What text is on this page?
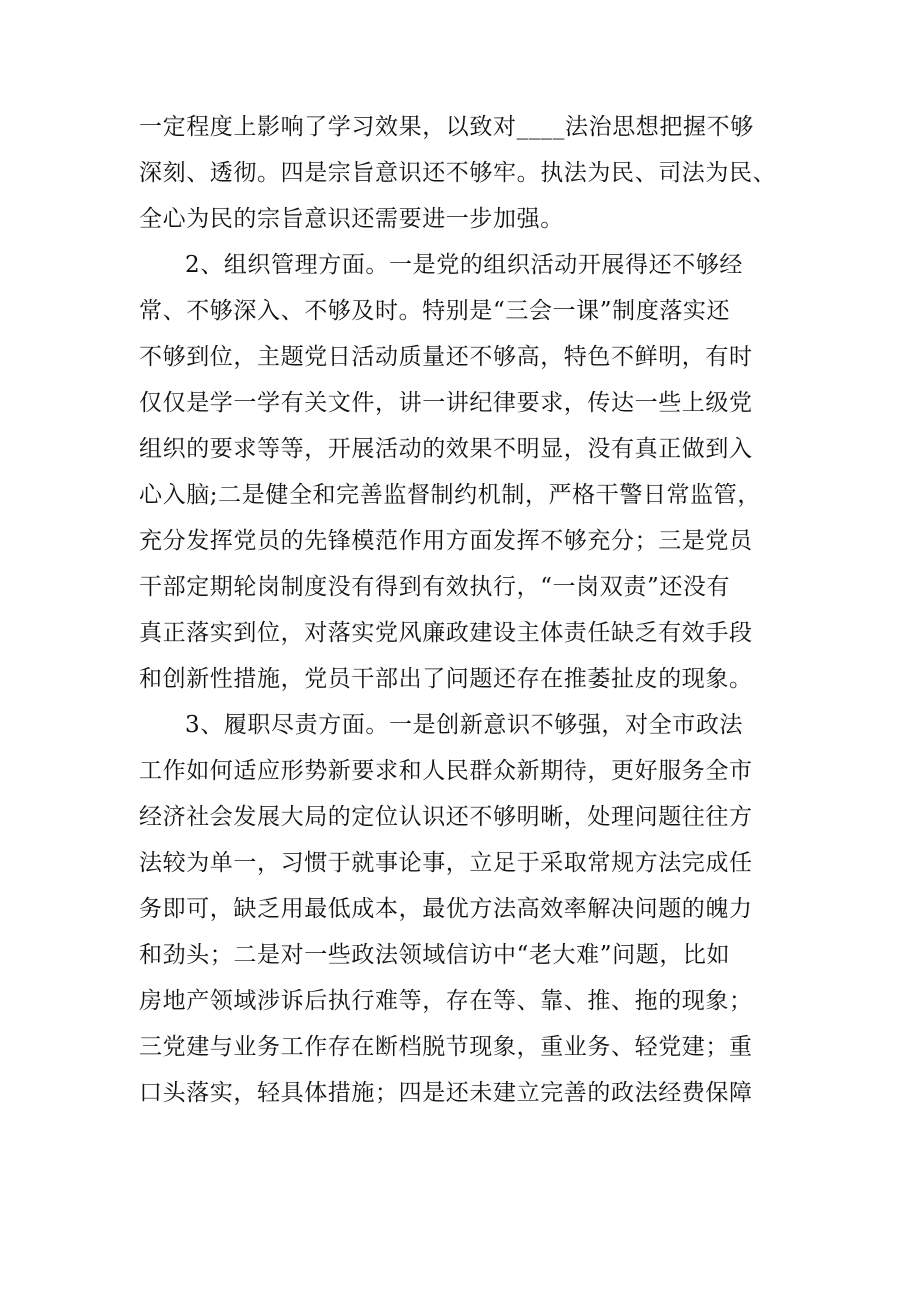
一定程度上影响了学习效果，以致对____法治思想把握不够
深刻、透彻。四是宗旨意识还不够牢。执法为民、司法为民、
全心为民的宗旨意识还需要进一步加强。
2、组织管理方面。一是党的组织活动开展得还不够经
常、不够深入、不够及时。特别是“三会一课”制度落实还
不够到位，主题党日活动质量还不够高，特色不鲜明，有时
仅仅是学一学有关文件，讲一讲纪律要求，传达一些上级党
组织的要求等等，开展活动的效果不明显，没有真正做到入
心入脑;二是健全和完善监督制约机制，严格干警日常监管，
充分发挥党员的先锋模范作用方面发挥不够充分；三是党员
干部定期轮岗制度没有得到有效执行，“一岗双责”还没有
真正落实到位，对落实党风廉政建设主体责任缺乏有效手段
和创新性措施，党员干部出了问题还存在推萎扯皮的现象。
3、履职尽责方面。一是创新意识不够强，对全市政法
工作如何适应形势新要求和人民群众新期待，更好服务全市
经济社会发展大局的定位认识还不够明晰，处理问题往往方
法较为单一，习惯于就事论事，立足于采取常规方法完成任
务即可，缺乏用最低成本，最优方法高效率解决问题的魄力
和劲头；二是对一些政法领域信访中“老大难”问题，比如
房地产领域涉诉后执行难等，存在等、靠、推、拖的现象；
三党建与业务工作存在断档脱节现象，重业务、轻党建；重
口头落实，轻具体措施；四是还未建立完善的政法经费保障
